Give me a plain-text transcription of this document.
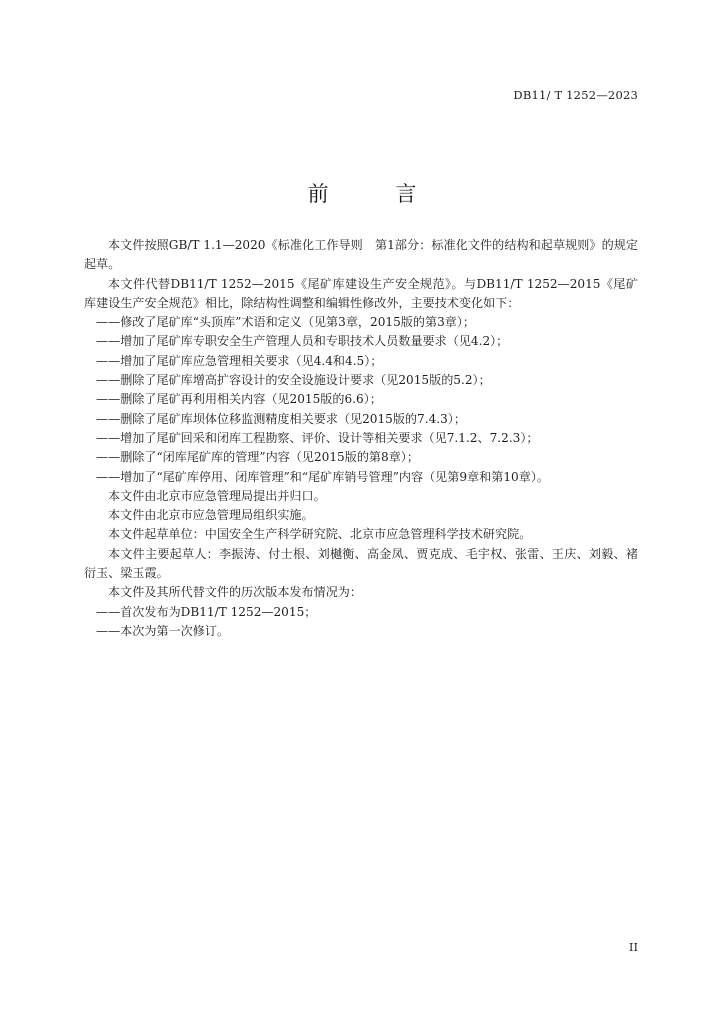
DB11/ T 1252—2023
前 言

本文件按照GB/T 1.1—2020《标准化工作导则　第1部分：标准化文件的结构和起草规则》的规定起草。

本文件代替DB11/T 1252—2015《尾矿库建设生产安全规范》。与DB11/T 1252—2015《尾矿库建设生产安全规范》相比，除结构性调整和编辑性修改外，主要技术变化如下：

——修改了尾矿库“头顶库”术语和定义（见第3章，2015版的第3章）；

——增加了尾矿库专职安全生产管理人员和专职技术人员数量要求（见4.2）；

——增加了尾矿库应急管理相关要求（见4.4和4.5）；

——删除了尾矿库增高扩容设计的安全设施设计要求（见2015版的5.2）；

——删除了尾矿再利用相关内容（见2015版的6.6）；

——删除了尾矿库坝体位移监测精度相关要求（见2015版的7.4.3）；

——增加了尾矿回采和闭库工程勘察、评价、设计等相关要求（见7.1.2、7.2.3）；

——删除了“闭库尾矿库的管理”内容（见2015版的第8章）；

——增加了“尾矿库停用、闭库管理”和“尾矿库销号管理”内容（见第9章和第10章）。

本文件由北京市应急管理局提出并归口。

本文件由北京市应急管理局组织实施。

本文件起草单位：中国安全生产科学研究院、北京市应急管理科学技术研究院。

本文件主要起草人：李振涛、付士根、刘樾衡、高金凤、贾克成、毛宇权、张雷、王庆、刘毅、褚衍玉、梁玉霞。

本文件及其所代替文件的历次版本发布情况为：

——首次发布为DB11/T 1252—2015；

——本次为第一次修订。

II
